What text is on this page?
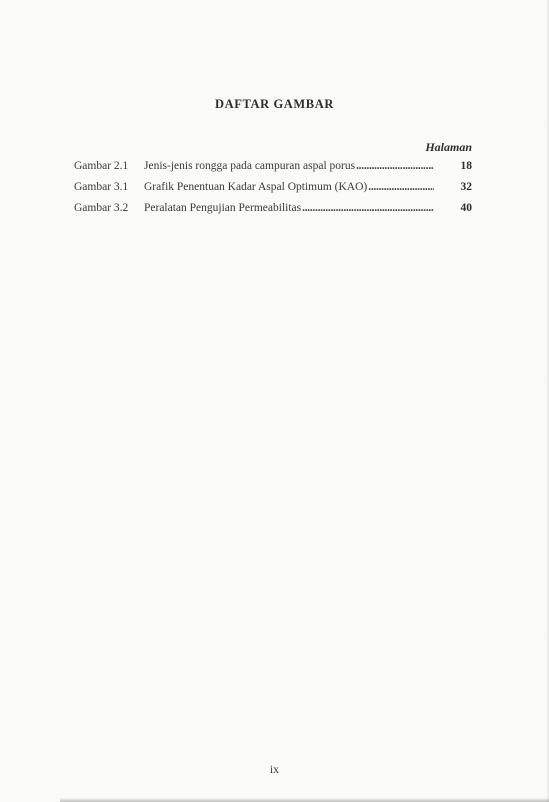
DAFTAR GAMBAR
Halaman
Gambar 2.1	Jenis-jenis rongga pada campuran aspal porus .....	18
Gambar 3.1	Grafik Penentuan Kadar Aspal Optimum (KAO) .....	32
Gambar 3.2	Peralatan Pengujian Permeabilitas .....	40
ix
